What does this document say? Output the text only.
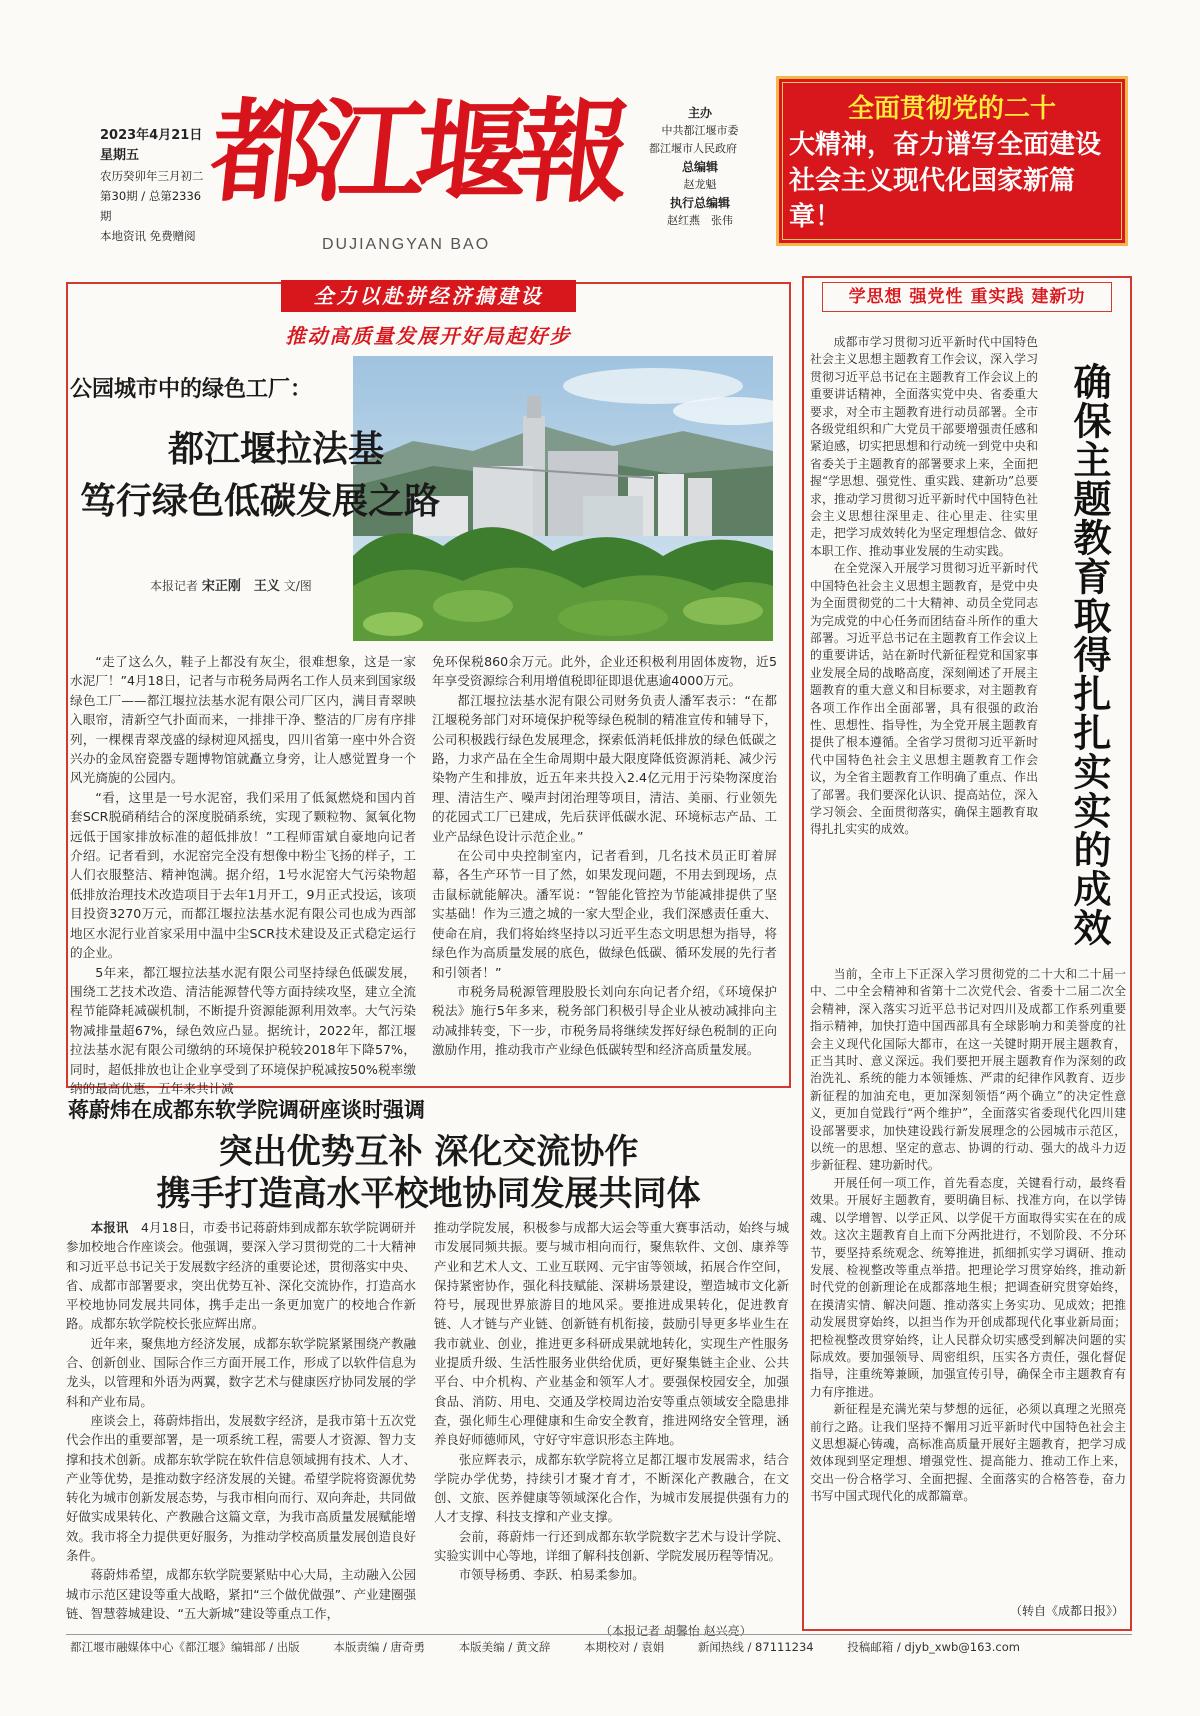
2023年4月21日
星期五
农历癸卯年三月初二
第30期 / 总第2336期
本地资讯 免费赠阅
都江堰報
DUJIANGYAN BAO
主办
中共都江堰市委
都江堰市人民政府
总编辑
赵龙魁
执行总编辑
赵红燕　张伟
全面贯彻党的二十
大精神，奋力谱写全面建设社会主义现代化国家新篇章！
全力以赴拼经济搞建设
推动高质量发展开好局起好步
公园城市中的绿色工厂：
都江堰拉法基
笃行绿色低碳发展之路
本报记者 宋正刚　王义 文/图

“走了这么久，鞋子上都没有灰尘，很难想象，这是一家水泥厂！”4月18日，记者与市税务局两名工作人员来到国家级绿色工厂——都江堰拉法基水泥有限公司厂区内，满目青翠映入眼帘，清新空气扑面而来，一排排干净、整洁的厂房有序排列，一棵棵青翠茂盛的绿树迎风摇曳，四川省第一座中外合资兴办的金凤窑瓷器专题博物馆就矗立身旁，让人感觉置身一个风光旖旎的公园内。

“看，这里是一号水泥窑，我们采用了低氮燃烧和国内首套SCR脱硝稍结合的深度脱硝系统，实现了颗粒物、氮氧化物远低于国家排放标准的超低排放！”工程师雷斌自豪地向记者介绍。记者看到，水泥窑完全没有想像中粉尘飞扬的样子，工人们衣服整洁、精神饱满。据介绍，1号水泥窑大气污染物超低排放治理技术改造项目于去年1月开工，9月正式投运，该项目投资3270万元，而都江堰拉法基水泥有限公司也成为西部地区水泥行业首家采用中温中尘SCR技术建设及正式稳定运行的企业。

5年来，都江堰拉法基水泥有限公司坚持绿色低碳发展，围绕工艺技术改造、清洁能源替代等方面持续攻坚，建立全流程节能降耗减碳机制，不断提升资源能源利用效率。大气污染物减排量超67%，绿色效应凸显。据统计，2022年，都江堰拉法基水泥有限公司缴纳的环境保护税较2018年下降57%，同时，超低排放也让企业享受到了环境保护税减按50%税率缴纳的最高优惠，五年来共计减

免环保税860余万元。此外，企业还积极利用固体废物，近5年享受资源综合利用增值税即征即退优惠逾4000万元。

都江堰拉法基水泥有限公司财务负责人潘军表示：“在都江堰税务部门对环境保护税等绿色税制的精准宣传和辅导下，公司积极践行绿色发展理念，探索低消耗低排放的绿色低碳之路，力求产品在全生命周期中最大限度降低资源消耗、减少污染物产生和排放，近五年来共投入2.4亿元用于污染物深度治理、清洁生产、噪声封闭治理等项目，清洁、美丽、行业领先的花园式工厂已建成，先后获评低碳水泥、环境标志产品、工业产品绿色设计示范企业。”

在公司中央控制室内，记者看到，几名技术员正盯着屏幕，各生产环节一目了然，如果发现问题，不用去到现场，点击鼠标就能解决。潘军说：“智能化管控为节能减排提供了坚实基础！作为三遗之城的一家大型企业，我们深感责任重大、使命在肩，我们将始终坚持以习近平生态文明思想为指导，将绿色作为高质量发展的底色，做绿色低碳、循环发展的先行者和引领者！”

市税务局税源管理股股长刘向东向记者介绍，《环境保护税法》施行5年多来，税务部门积极引导企业从被动减排向主动减排转变，下一步，市税务局将继续发挥好绿色税制的正向激励作用，推动我市产业绿色低碳转型和经济高质量发展。

蒋蔚炜在成都东软学院调研座谈时强调
突出优势互补 深化交流协作
携手打造高水平校地协同发展共同体

本报讯　 4月18日，市委书记蒋蔚炜到成都东软学院调研并参加校地合作座谈会。他强调，要深入学习贯彻党的二十大精神和习近平总书记关于发展数字经济的重要论述，贯彻落实中央、省、成都市部署要求，突出优势互补、深化交流协作，打造高水平校地协同发展共同体，携手走出一条更加宽广的校地合作新路。成都东软学院校长张应辉出席。

近年来，聚焦地方经济发展，成都东软学院紧紧围绕产教融合、创新创业、国际合作三方面开展工作，形成了以软件信息为龙头，以管理和外语为两翼，数字艺术与健康医疗协同发展的学科和产业布局。

座谈会上，蒋蔚炜指出，发展数字经济，是我市第十五次党代会作出的重要部署，是一项系统工程，需要人才资源、智力支撑和技术创新。成都东软学院在软件信息领域拥有技术、人才、产业等优势，是推动数字经济发展的关键。希望学院将资源优势转化为城市创新发展态势，与我市相向而行、双向奔赴，共同做好做实成果转化、产教融合这篇文章，为我市高质量发展赋能增效。我市将全力提供更好服务，为推动学校高质量发展创造良好条件。

蒋蔚炜希望，成都东软学院要紧贴中心大局，主动融入公园城市示范区建设等重大战略，紧扣“三个做优做强”、产业建圈强链、智慧蓉城建设、“五大新城”建设等重点工作，

推动学院发展，积极参与成都大运会等重大赛事活动，始终与城市发展同频共振。要与城市相向而行，聚焦软件、文创、康养等产业和艺术人文、工业互联网、元宇宙等领域，拓展合作空间，保持紧密协作，强化科技赋能、深耕场景建设，塑造城市文化新符号，展现世界旅游目的地风采。要推进成果转化，促进教育链、人才链与产业链、创新链有机衔接，鼓励引导更多毕业生在我市就业、创业，推进更多科研成果就地转化，实现生产性服务业提质升级、生活性服务业供给优质，更好聚集链主企业、公共平台、中介机构、产业基金和领军人才。要强保校园安全，加强食品、消防、用电、交通及学校周边治安等重点领域安全隐患排查，强化师生心理健康和生命安全教育，推进网络安全管理，涵养良好师德师风，守好守牢意识形态主阵地。

张应辉表示，成都东软学院将立足都江堰市发展需求，结合学院办学优势，持续引才聚才育才，不断深化产教融合，在文创、文旅、医养健康等领域深化合作，为城市发展提供强有力的人才支撑、科技支撑和产业支撑。

会前，蒋蔚炜一行还到成都东软学院数字艺术与设计学院、实验实训中心等地，详细了解科技创新、学院发展历程等情况。

市领导杨勇、李跃、柏易柔参加。

（本报记者 胡馨怡 赵兴亮）
学思想 强党性 重实践 建新功
确保主题教育取得扎扎实实的成效

成都市学习贯彻习近平新时代中国特色社会主义思想主题教育工作会议，深入学习贯彻习近平总书记在主题教育工作会议上的重要讲话精神，全面落实党中央、省委重大要求，对全市主题教育进行动员部署。全市各级党组织和广大党员干部要增强责任感和紧迫感，切实把思想和行动统一到党中央和省委关于主题教育的部署要求上来，全面把握“学思想、强党性、重实践、建新功”总要求，推动学习贯彻习近平新时代中国特色社会主义思想往深里走、往心里走、往实里走，把学习成效转化为坚定理想信念、做好本职工作、推动事业发展的生动实践。

在全党深入开展学习贯彻习近平新时代中国特色社会主义思想主题教育，是党中央为全面贯彻党的二十大精神、动员全党同志为完成党的中心任务而团结奋斗所作的重大部署。习近平总书记在主题教育工作会议上的重要讲话，站在新时代新征程党和国家事业发展全局的战略高度，深刻阐述了开展主题教育的重大意义和目标要求，对主题教育各项工作作出全面部署，具有很强的政治性、思想性、指导性，为全党开展主题教育提供了根本遵循。全省学习贯彻习近平新时代中国特色社会主义思想主题教育工作会议，为全省主题教育工作明确了重点、作出了部署。我们要深化认识、提高站位，深入学习领会、全面贯彻落实，确保主题教育取得扎扎实实的成效。

当前，全市上下正深入学习贯彻党的二十大和二十届一中、二中全会精神和省第十二次党代会、省委十二届二次全会精神，深入落实习近平总书记对四川及成都工作系列重要指示精神，加快打造中国西部具有全球影响力和美誉度的社会主义现代化国际大都市，在这一关键时期开展主题教育，正当其时、意义深远。我们要把开展主题教育作为深刻的政治洗礼、系统的能力本领锤炼、严肃的纪律作风教育、迈步新征程的加油充电，更加深刻领悟“两个确立”的决定性意义，更加自觉践行“两个维护”，全面落实省委现代化四川建设部署要求，加快建设践行新发展理念的公园城市示范区，以统一的思想、坚定的意志、协调的行动、强大的战斗力迈步新征程、建功新时代。

开展任何一项工作，首先看态度，关键看行动，最终看效果。开展好主题教育，要明确目标、找准方向，在以学铸魂、以学增智、以学正风、以学促干方面取得实实在在的成效。这次主题教育自上而下分两批进行，不划阶段、不分环节，要坚持系统观念、统筹推进，抓细抓实学习调研、推动发展、检视整改等重点举措。把理论学习贯穿始终，推动新时代党的创新理论在成都落地生根；把调查研究贯穿始终，在摸清实情、解决问题、推动落实上务实功、见成效；把推动发展贯穿始终，以担当作为开创成都现代化事业新局面；把检视整改贯穿始终，让人民群众切实感受到解决问题的实际成效。要加强领导、周密组织，压实各方责任，强化督促指导，注重统筹兼顾，加强宣传引导，确保全市主题教育有力有序推进。

新征程是充满光荣与梦想的远征，必须以真理之光照亮前行之路。让我们坚持不懈用习近平新时代中国特色社会主义思想凝心铸魂，高标准高质量开展好主题教育，把学习成效体现到坚定理想、增强党性、提高能力、推动工作上来，交出一份合格学习、全面把握、全面落实的合格答卷，奋力书写中国式现代化的成都篇章。

（转自《成都日报》）
都江堰市融媒体中心《都江堰》编辑部 / 出版	本版责编 / 唐奇勇	本版美编 / 黄文辞	本期校对 / 袁娟	新闻热线 / 87111234	投稿邮箱 / djyb_xwb@163.com
